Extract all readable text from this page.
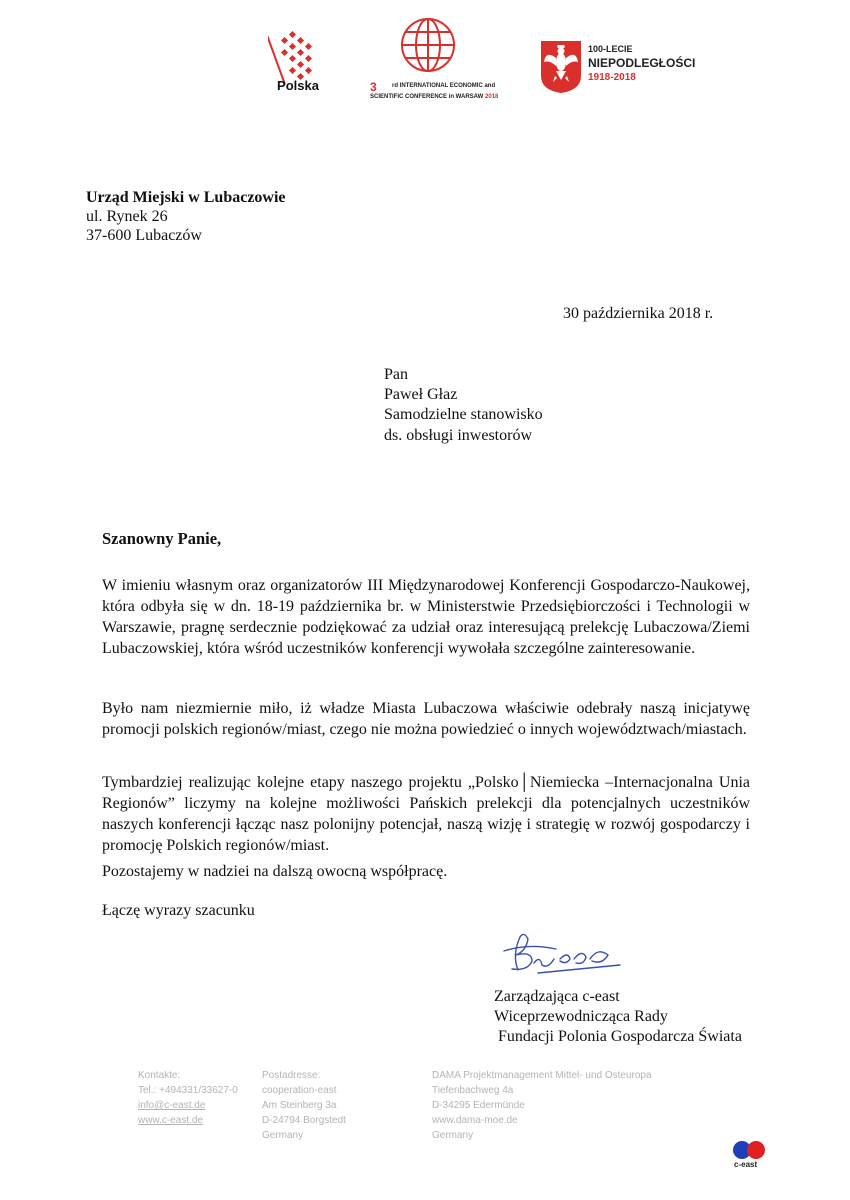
Polska	3	rd INTERNATIONAL ECONOMIC and
SCIENTIFIC CONFERENCE in WARSAW 2018
100-LECIE
NIEPODLEGŁOŚCI
1918-2018
Urząd Miejski w Lubaczowie
ul. Rynek 26
37-600 Lubaczów
30 października 2018 r.
Pan
Paweł Głaz
Samodzielne stanowisko
ds. obsługi inwestorów
Szanowny Panie,
W imieniu własnym oraz organizatorów III Międzynarodowej Konferencji Gospodarczo-Naukowej, która odbyła się w dn. 18-19 października br. w Ministerstwie Przedsiębiorczości i Technologii w Warszawie, pragnę serdecznie podziękować za udział oraz interesującą prelekcję Lubaczowa/Ziemi Lubaczowskiej, która wśród uczestników konferencji wywołała szczególne zainteresowanie.
Było nam niezmiernie miło, iż władze Miasta Lubaczowa właściwie odebrały naszą inicjatywę promocji polskich regionów/miast, czego nie można powiedzieć o innych województwach/miastach.
Tymbardziej realizując kolejne etapy naszego projektu „Polsko│Niemiecka –Internacjonalna Unia Regionów” liczymy na kolejne możliwości Pańskich prelekcji dla potencjalnych uczestników naszych konferencji łącząc nasz polonijny potencjał, naszą wizję i strategię w rozwój gospodarczy i promocję Polskich regionów/miast.
Pozostajemy w nadziei na dalszą owocną współpracę.
Łączę wyrazy szacunku
Zarządzająca c-east
Wiceprzewodnicząca Rady
Fundacji Polonia Gospodarcza Świata
Kontakte:
Tel.: +494331/33627-0
info@c-east.de
www.c-east.de
Postadresse:
cooperation-east
Am Steinberg 3a
D-24794 Borgstedt
Germany
DAMA Projektmanagement Mittel- und Osteuropa
Tiefenbachweg 4a
D-34295 Edermünde
www.dama-moe.de
Germany
c-east
